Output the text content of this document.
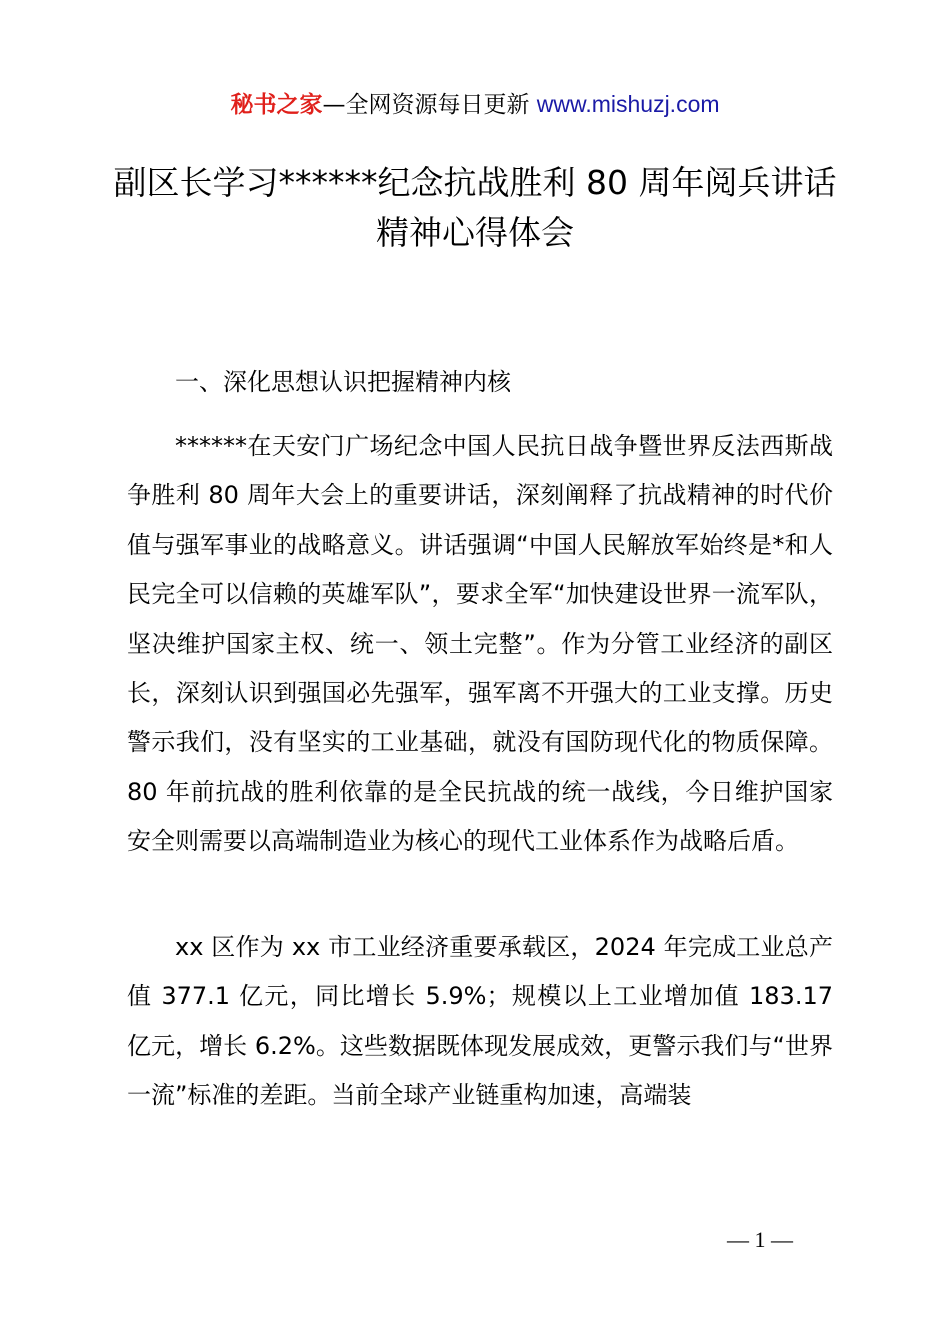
秘书之家—全网资源每日更新 www.mishuzj.com
副区长学习******纪念抗战胜利 80 周年阅兵讲话精神心得体会

一、深化思想认识把握精神内核

******在天安门广场纪念中国人民抗日战争暨世界反法西斯战争胜利 80 周年大会上的重要讲话，深刻阐释了抗战精神的时代价值与强军事业的战略意义。讲话强调“中国人民解放军始终是*和人民完全可以信赖的英雄军队”，要求全军“加快建设世界一流军队，坚决维护国家主权、统一、领土完整”。作为分管工业经济的副区长，深刻认识到强国必先强军，强军离不开强大的工业支撑。历史警示我们，没有坚实的工业基础，就没有国防现代化的物质保障。80 年前抗战的胜利依靠的是全民抗战的统一战线，今日维护国家安全则需要以高端制造业为核心的现代工业体系作为战略后盾。

xx 区作为 xx 市工业经济重要承载区，2024 年完成工业总产值 377.1 亿元，同比增长 5.9%；规模以上工业增加值 183.17 亿元，增长 6.2%。这些数据既体现发展成效，更警示我们与“世界一流”标准的差距。当前全球产业链重构加速，高端装

— 1 —
